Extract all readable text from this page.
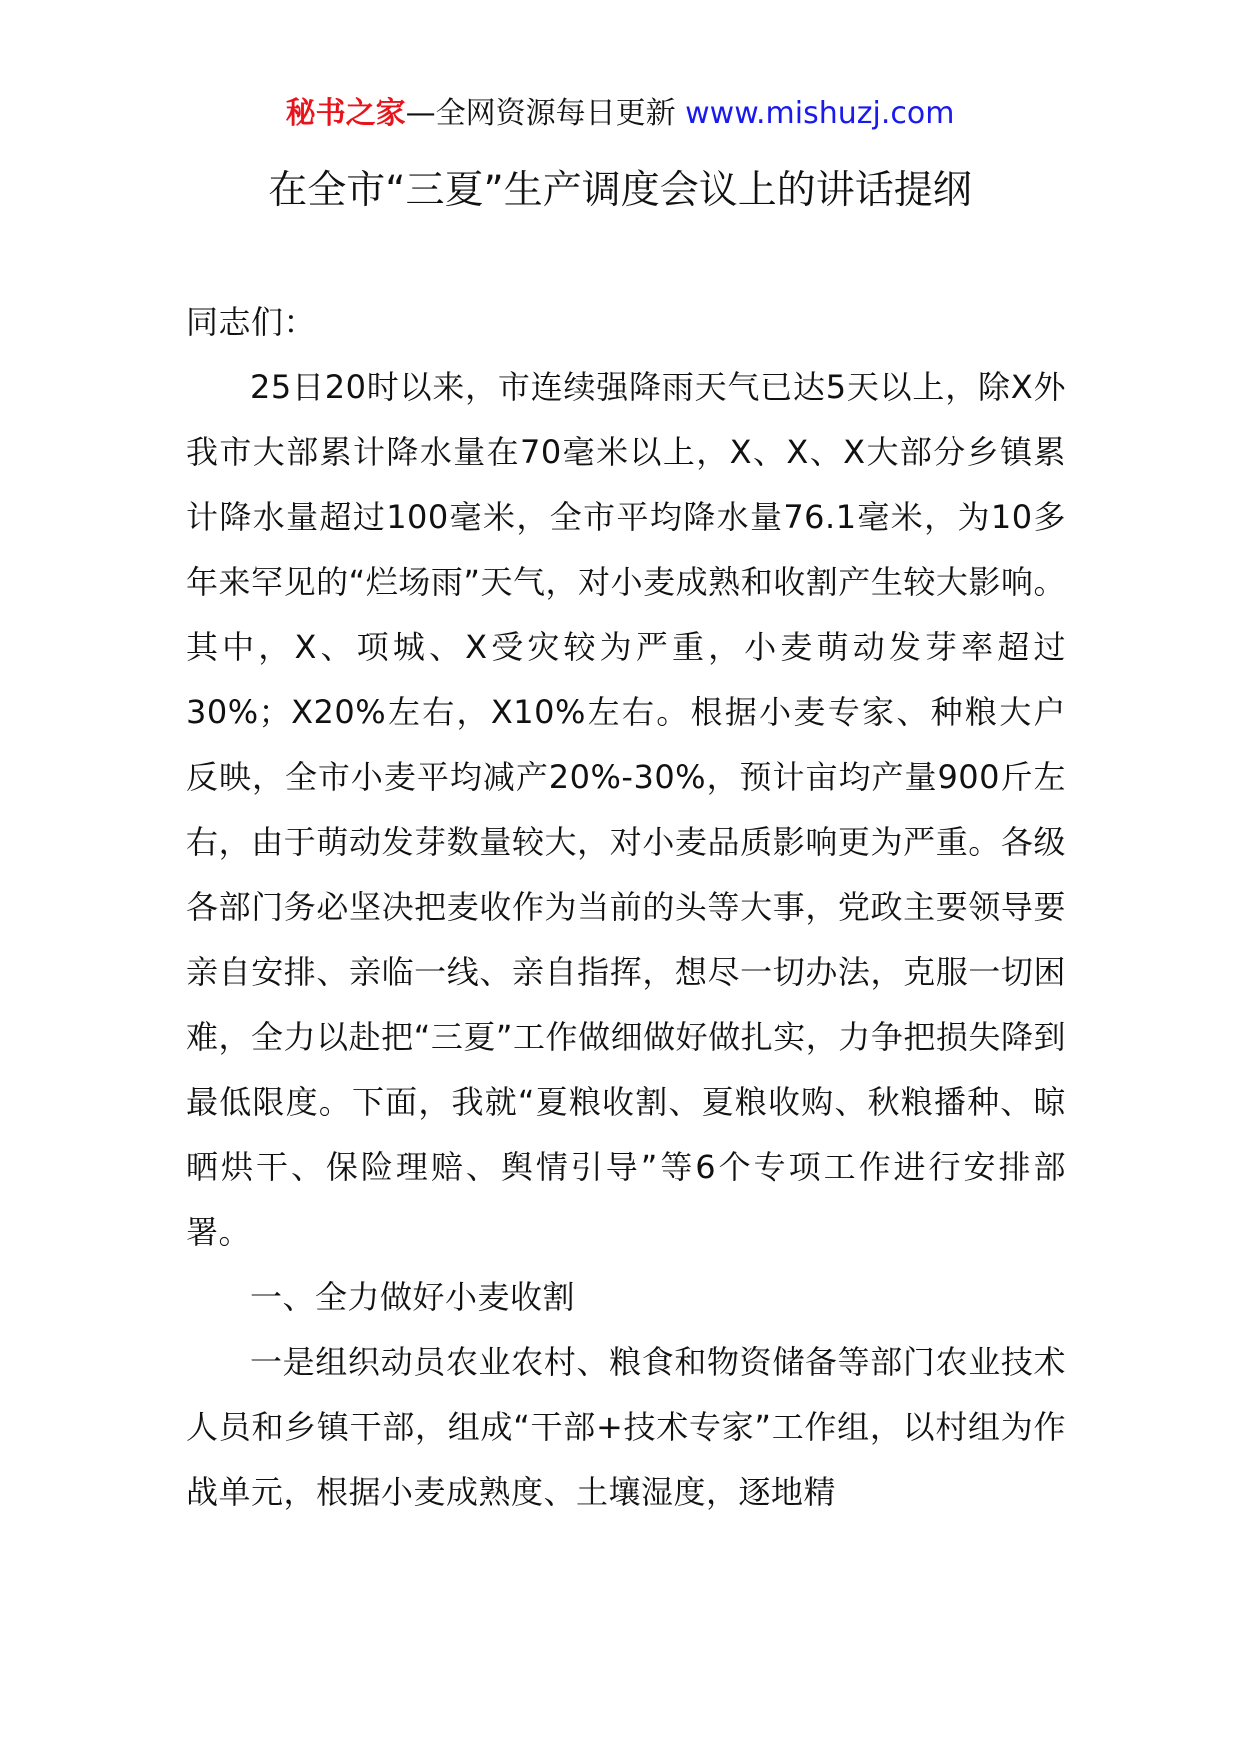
秘书之家—全网资源每日更新 www.mishuzj.com
在全市“三夏”生产调度会议上的讲话提纲

同志们：

25日20时以来，市连续强降雨天气已达5天以上，除X外我市大部累计降水量在70毫米以上，X、X、X大部分乡镇累计降水量超过100毫米，全市平均降水量76.1毫米，为10多年来罕见的“烂场雨”天气，对小麦成熟和收割产生较大影响。其中，X、项城、X受灾较为严重，小麦萌动发芽率超过30%；X20%左右，X10%左右。根据小麦专家、种粮大户反映，全市小麦平均减产20%-30%，预计亩均产量900斤左右，由于萌动发芽数量较大，对小麦品质影响更为严重。各级各部门务必坚决把麦收作为当前的头等大事，党政主要领导要亲自安排、亲临一线、亲自指挥，想尽一切办法，克服一切困难，全力以赴把“三夏”工作做细做好做扎实，力争把损失降到最低限度。下面，我就“夏粮收割、夏粮收购、秋粮播种、晾晒烘干、保险理赔、舆情引导”等6个专项工作进行安排部署。

一、全力做好小麦收割

一是组织动员农业农村、粮食和物资储备等部门农业技术人员和乡镇干部，组成“干部+技术专家”工作组，以村组为作战单元，根据小麦成熟度、土壤湿度，逐地精
